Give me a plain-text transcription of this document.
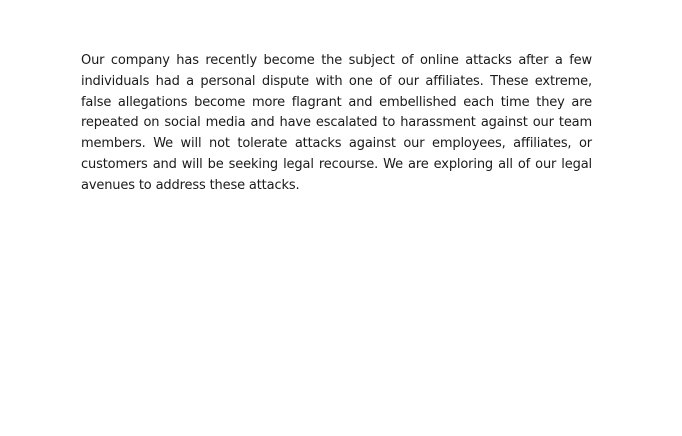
Our company has recently become the subject of online attacks after a few individuals had a personal dispute with one of our affiliates. These extreme, false allegations become more flagrant and embellished each time they are repeated on social media and have escalated to harassment against our team members. We will not tolerate attacks against our employees, affiliates, or customers and will be seeking legal recourse. We are exploring all of our legal avenues to address these attacks.
